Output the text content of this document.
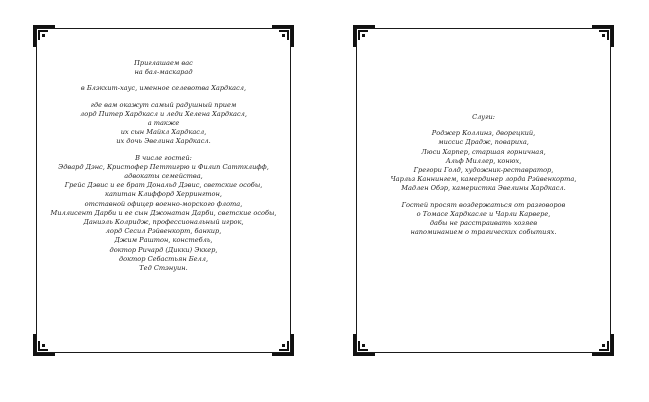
Приглашаем вас
на бал-маскарад
в Блэкхит-хаус, именное селевотва Хардкасл,
где вам окажут самый радушный прием
лорд Питер Хардкасл и леди Хелена Хардкасл,
а также
их сын Майкл Хардкасл,
их дочь Эвелина Хардкасл.
В числе гостей:
Эдвард Дэнс, Кристофер Петтигрю и Филип Саттклифф,
адвокаты семейства,
Грейс Дэвис и ее брат Дональд Дэвис, светские особы,
капитан Клиффорд Херрингтон,
отставной офицер военно-морского флота,
Миллисент Дарби и ее сын Джонатан Дарби, светские особы,
Даниэль Колридж, профессиональный игрок,
лорд Сесил Рэйвенкорт, банкир,
Джим Раштон, констебль,
доктор Ричард (Дикки) Эккер,
доктор Себастьян Белл,
Тед Стэнуин.
Слуги:
Роджер Коллинз, дворецкий,
миссис Драдж, повариха,
Люси Харпер, старшая горничная,
Альф Миллер, конюх,
Грегори Голд, художник-реставратор,
Чарльз Каннингем, камердинер лорда Рэйвенкорта,
Мадлен Обэр, камеристка Эвелины Хардкасл.
Гостей просят воздержаться от разговоров
о Томасе Хардкасле и Чарли Карвере,
дабы не расстраивать хозяев
напоминанием о трагических событиях.
